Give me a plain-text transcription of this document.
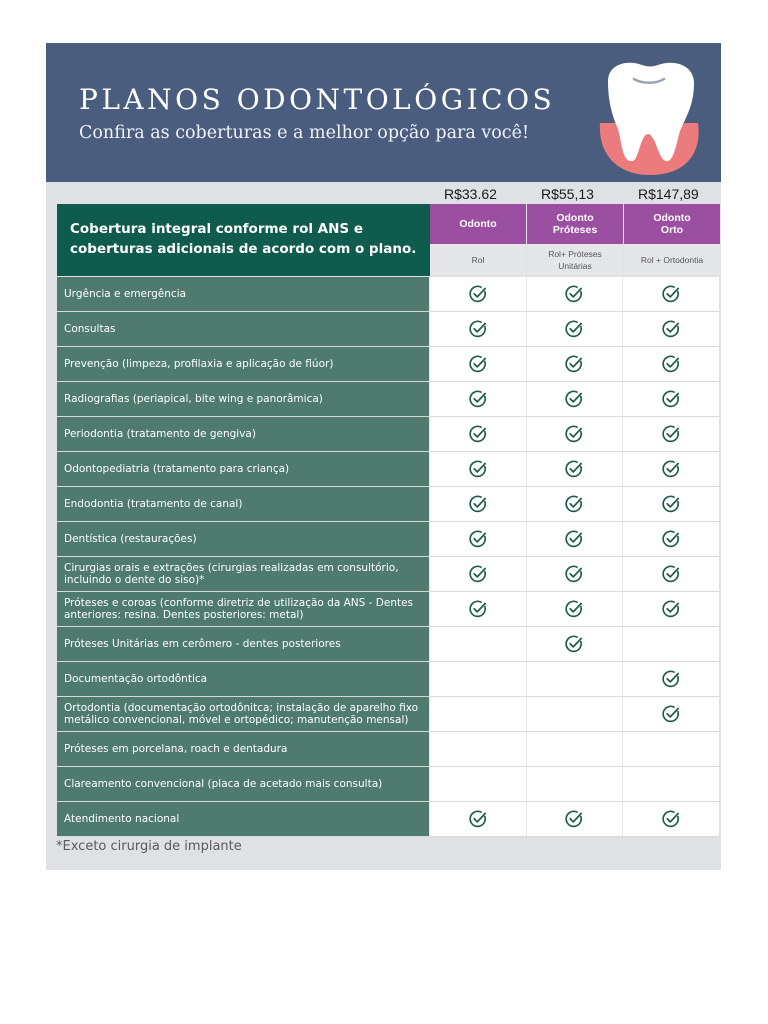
PLANOS ODONTOLÓGICOS

Confira as coberturas e a melhor opção para você!

Cobertura integral conforme rol ANS e coberturas adicionais de acordo com o plano.
R$33.62
Odonto
Rol
R$55,13
Odonto Próteses
Rol+ Próteses Unitárias
R$147,89
Odonto Orto
Rol + Ortodontia
Urgência e emergência
Consultas
Prevenção (limpeza, profilaxia e aplicação de flúor)
Radiografias (periapical, bite wing e panorâmica)
Periodontia (tratamento de gengiva)
Odontopediatria (tratamento para criança)
Endodontia (tratamento de canal)
Dentística (restaurações)
Cirurgias orais e extrações (cirurgias realizadas em consultório, incluindo o dente do siso)*
Próteses e coroas (conforme diretriz de utilização da ANS - Dentes anteriores: resina. Dentes posteriores: metal)
Próteses Unitárias em cerômero - dentes posteriores
Documentação ortodôntica
Ortodontia (documentação ortodônitca; instalação de aparelho fixo metálico convencional, móvel e ortopédico; manutenção mensal)
Próteses em porcelana, roach e dentadura
Clareamento convencional (placa de acetado mais consulta)
Atendimento nacional
*Exceto cirurgia de implante
